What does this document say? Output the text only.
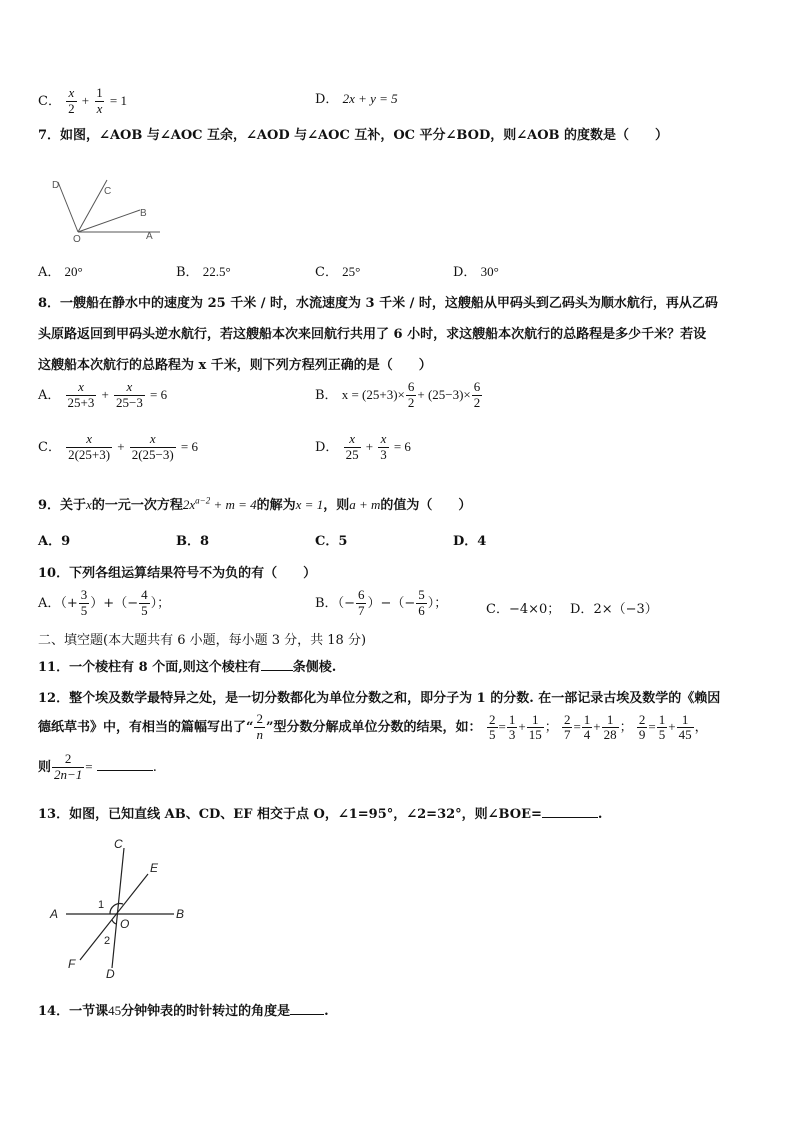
C． $\frac{x}{2} + \frac{1}{x} = 1$	D． 2x + y = 5
7．如图，∠AOB 与∠AOC 互余，∠AOD 与∠AOC 互补，OC 平分∠BOD，则∠AOB 的度数是（　　）
D
C
B
O	A
A． 20°	B． 22.5°	C． 25°	D． 30°
8．一艘船在静水中的速度为 25 千米 / 时，水流速度为 3 千米 / 时，这艘船从甲码头到乙码头为顺水航行，再从乙码
头原路返回到甲码头逆水航行，若这艘船本次来回航行共用了 6 小时，求这艘船本次航行的总路程是多少千米？若设
这艘船本次航行的总路程为 x 千米，则下列方程列正确的是（　　）
A． $\frac{x}{25+3} + \frac{x}{25-3} = 6$	B． $x = (25+3)\times \frac{6}{2} + (25-3)\times \frac{6}{2}$
C． $\frac{x}{2(25+3)} + \frac{x}{2(25-3)} = 6$	D． $\frac{x}{25} + \frac{x}{3} = 6$
9．关于x的一元一次方程$2x^{a-2} + m = 4$的解为x = 1，则a + m的值为（　　）
A．9	B．8	C．5	D．4
10．下列各组运算结果符号不为负的有（　　）
A．（+ $\frac{3}{5}$ ）+（− $\frac{4}{5}$ ）；	B．（− $\frac{6}{7}$ ）−（− $\frac{5}{6}$ ）；	C．−4×0； D．2×（−3）
二、填空题(本大题共有 6 小题，每小题 3 分，共 18 分)
11．一个棱柱有 8 个面,则这个棱柱有 条侧棱.
12．整个埃及数学最特异之处，是一切分数都化为单位分数之和，即分子为 1 的分数. 在一部记录古埃及数学的《赖因
德纸草书》中，有相当的篇幅写出了“ $\frac{2}{n}$ ”型分数分解成单位分数的结果，如： $\frac{2}{5} = \frac{1}{3} + \frac{1}{15}$ ； $\frac{2}{7} = \frac{1}{4} + \frac{1}{28}$ ； $\frac{2}{9} = \frac{1}{5} + \frac{1}{45}$ ，
则 $\frac{2}{2n-1}$ =	.
13．如图，已知直线 AB、CD、EF 相交于点 O，∠1=95°，∠2=32°，则∠BOE=	.
C
E
A	B
O
1
2
F
D
14．一节课45分钟钟表的时针转过的角度是	.
